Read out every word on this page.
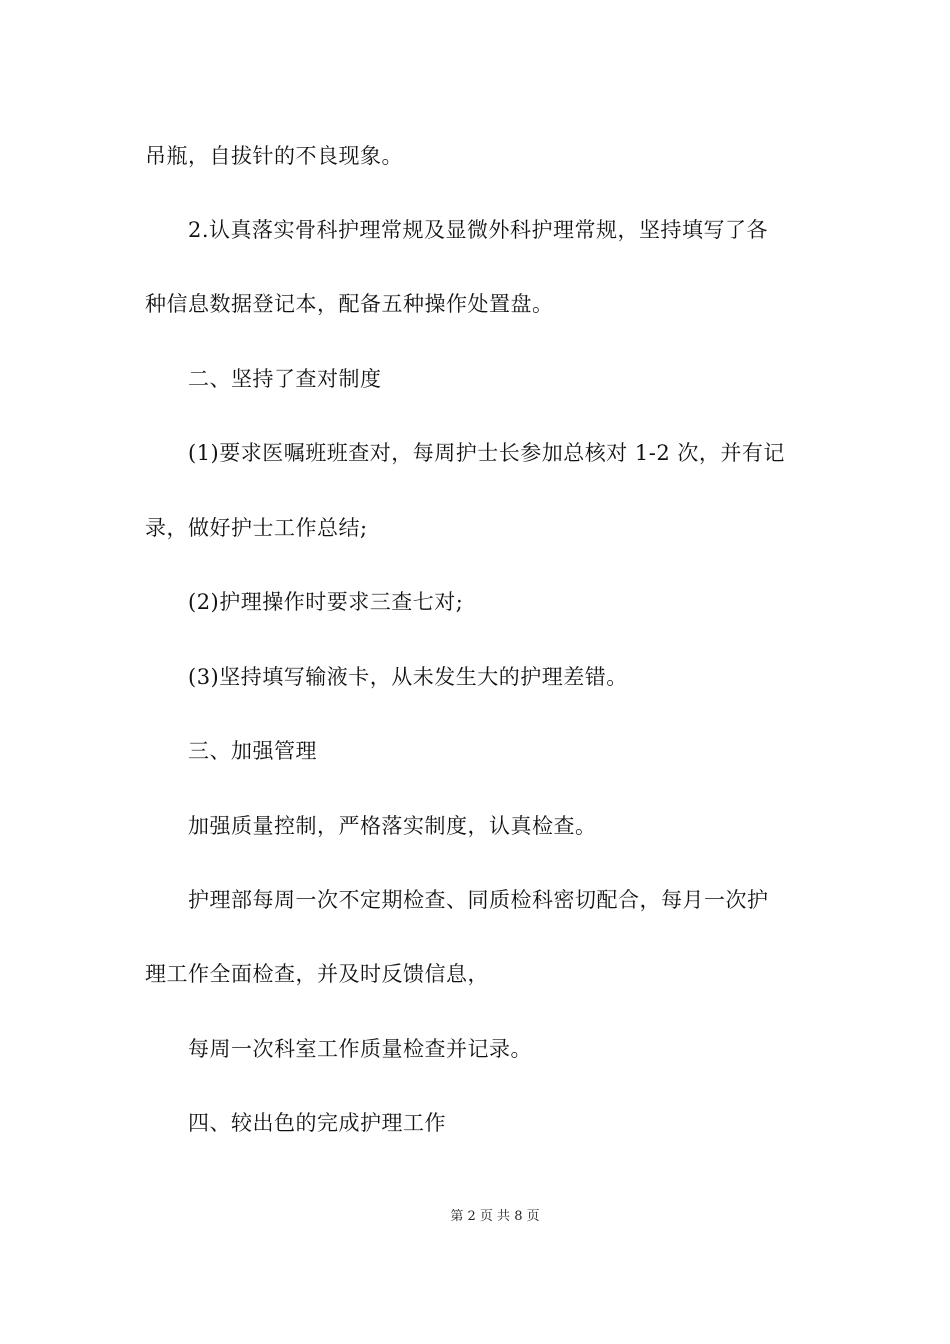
吊瓶，自拔针的不良现象。
2.认真落实骨科护理常规及显微外科护理常规，坚持填写了各
种信息数据登记本，配备五种操作处置盘。
二、坚持了查对制度
(1)要求医嘱班班查对，每周护士长参加总核对 1-2 次，并有记
录，做好护士工作总结;
(2)护理操作时要求三查七对;
(3)坚持填写输液卡，从未发生大的护理差错。
三、加强管理
加强质量控制，严格落实制度，认真检查。
护理部每周一次不定期检查、同质检科密切配合，每月一次护
理工作全面检查，并及时反馈信息，
每周一次科室工作质量检查并记录。
四、较出色的完成护理工作
第 2 页 共 8 页
